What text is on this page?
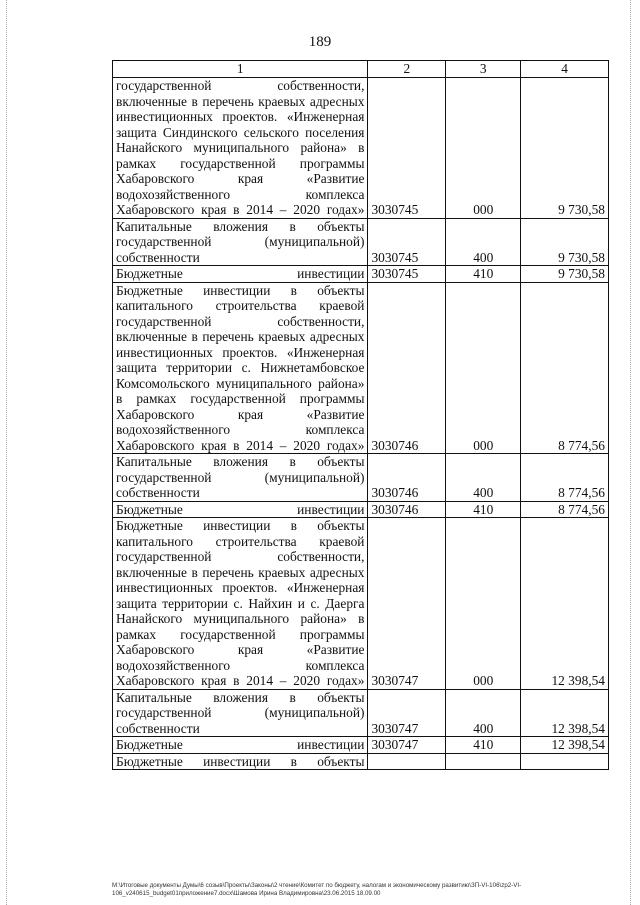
189
1	2	3	4
государственной собственности, включенные в перечень краевых адресных инвестиционных проектов. «Инженерная защита Синдинского сельского поселения Нанайского муниципального района» в рамках государственной программы Хабаровского края «Развитие водохозяйственного комплекса Хабаровского края в 2014 – 2020 годах»	3030745	000	9 730,58
Капитальные вложения в объекты государственной (муниципальной) собственности	3030745	400	9 730,58
Бюджетные инвестиции	3030745	410	9 730,58
Бюджетные инвестиции в объекты капитального строительства краевой государственной собственности, включенные в перечень краевых адресных инвестиционных проектов. «Инженерная защита территории с. Нижнетамбовское Комсомольского муниципального района» в рамках государственной программы Хабаровского края «Развитие водохозяйственного комплекса Хабаровского края в 2014 – 2020 годах»	3030746	000	8 774,56
Капитальные вложения в объекты государственной (муниципальной) собственности	3030746	400	8 774,56
Бюджетные инвестиции	3030746	410	8 774,56
Бюджетные инвестиции в объекты капитального строительства краевой государственной собственности, включенные в перечень краевых адресных инвестиционных проектов. «Инженерная защита территории с. Найхин и с. Даерга Нанайского муниципального района» в рамках государственной программы Хабаровского края «Развитие водохозяйственного комплекса Хабаровского края в 2014 – 2020 годах»	3030747	000	12 398,54
Капитальные вложения в объекты государственной (муниципальной) собственности	3030747	400	12 398,54
Бюджетные инвестиции	3030747	410	12 398,54
Бюджетные инвестиции в объекты			
М:\Итоговые документы Думы\6 созыв\Проекты\Законы\2 чтение\Комитет по бюджету, налогам и экономическому развитию\ЗП-VI-106\zp2-VI-
106_v240615_budget01приложение7.docx\Шамова Ирина Владимировна\23.06.2015 18.09.00
